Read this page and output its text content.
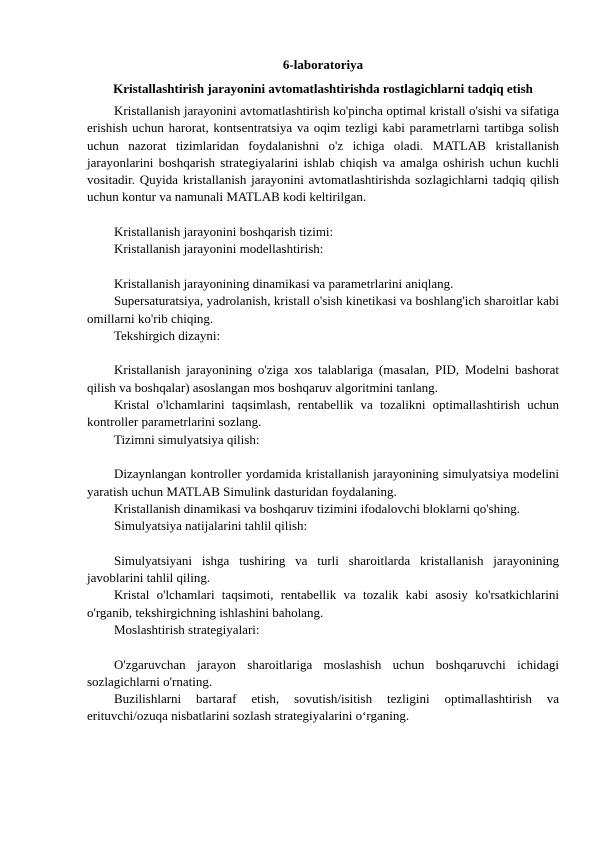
6-laboratoriya
Kristallashtirish jarayonini avtomatlashtirishda rostlagichlarni tadqiq etish

Kristallanish jarayonini avtomatlashtirish ko'pincha optimal kristall o'sishi va sifatiga erishish uchun harorat, kontsentratsiya va oqim tezligi kabi parametrlarni tartibga solish uchun nazorat tizimlaridan foydalanishni o'z ichiga oladi. MATLAB kristallanish jarayonlarini boshqarish strategiyalarini ishlab chiqish va amalga oshirish uchun kuchli vositadir. Quyida kristallanish jarayonini avtomatlashtirishda sozlagichlarni tadqiq qilish uchun kontur va namunali MATLAB kodi keltirilgan.

Kristallanish jarayonini boshqarish tizimi:

Kristallanish jarayonini modellashtirish:

Kristallanish jarayonining dinamikasi va parametrlarini aniqlang.

Supersaturatsiya, yadrolanish, kristall o'sish kinetikasi va boshlang'ich sharoitlar kabi omillarni ko'rib chiqing.

Tekshirgich dizayni:

Kristallanish jarayonining o'ziga xos talablariga (masalan, PID, Modelni bashorat qilish va boshqalar) asoslangan mos boshqaruv algoritmini tanlang.

Kristal o'lchamlarini taqsimlash, rentabellik va tozalikni optimallashtirish uchun kontroller parametrlarini sozlang.

Tizimni simulyatsiya qilish:

Dizaynlangan kontroller yordamida kristallanish jarayonining simulyatsiya modelini yaratish uchun MATLAB Simulink dasturidan foydalaning.

Kristallanish dinamikasi va boshqaruv tizimini ifodalovchi bloklarni qo'shing.

Simulyatsiya natijalarini tahlil qilish:

Simulyatsiyani ishga tushiring va turli sharoitlarda kristallanish jarayonining javoblarini tahlil qiling.

Kristal o'lchamlari taqsimoti, rentabellik va tozalik kabi asosiy ko'rsatkichlarini o'rganib, tekshirgichning ishlashini baholang.

Moslashtirish strategiyalari:

O'zgaruvchan jarayon sharoitlariga moslashish uchun boshqaruvchi ichidagi sozlagichlarni o'rnating.

Buzilishlarni bartaraf etish, sovutish/isitish tezligini optimallashtirish va erituvchi/ozuqa nisbatlarini sozlash strategiyalarini o‘rganing.
